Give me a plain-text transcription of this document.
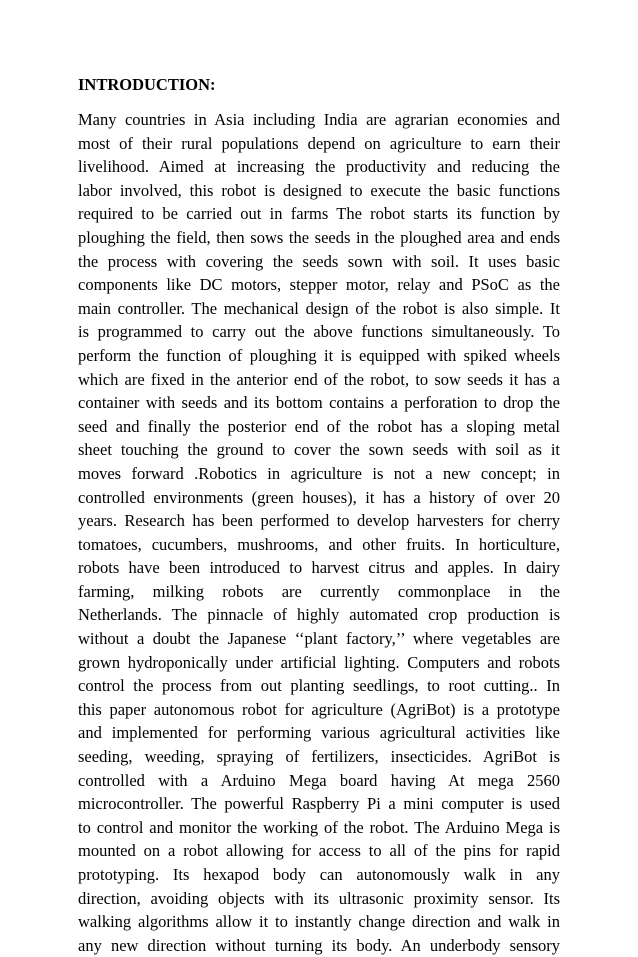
INTRODUCTION:
Many countries in Asia including India are agrarian economies and
most of their rural populations depend on agriculture to earn their
livelihood. Aimed at increasing the productivity and reducing the
labor involved, this robot is designed to execute the basic functions
required to be carried out in farms The robot starts its function by
ploughing the field, then sows the seeds in the ploughed area and ends
the process with covering the seeds sown with soil. It uses basic
components like DC motors, stepper motor, relay and PSoC as the
main controller. The mechanical design of the robot is also simple. It
is programmed to carry out the above functions simultaneously. To
perform the function of ploughing it is equipped with spiked wheels
which are fixed in the anterior end of the robot, to sow seeds it has a
container with seeds and its bottom contains a perforation to drop the
seed and finally the posterior end of the robot has a sloping metal
sheet touching the ground to cover the sown seeds with soil as it
moves forward .Robotics in agriculture is not a new concept; in
controlled environments (green houses), it has a history of over 20
years. Research has been performed to develop harvesters for cherry
tomatoes, cucumbers, mushrooms, and other fruits. In horticulture,
robots have been introduced to harvest citrus and apples. In dairy
farming, milking robots are currently commonplace in the
Netherlands. The pinnacle of highly automated crop production is
without a doubt the Japanese ‘‘plant factory,’’ where vegetables are
grown hydroponically under artificial lighting. Computers and robots
control the process from out planting seedlings, to root cutting.. In
this paper autonomous robot for agriculture (AgriBot) is a prototype
and implemented for performing various agricultural activities like
seeding, weeding, spraying of fertilizers, insecticides. AgriBot is
controlled with a Arduino Mega board having At mega 2560
microcontroller. The powerful Raspberry Pi a mini computer is used
to control and monitor the working of the robot. The Arduino Mega is
mounted on a robot allowing for access to all of the pins for rapid
prototyping. Its hexapod body can autonomously walk in any
direction, avoiding objects with its ultrasonic proximity sensor. Its
walking algorithms allow it to instantly change direction and walk in
any new direction without turning its body. An underbody sensory
